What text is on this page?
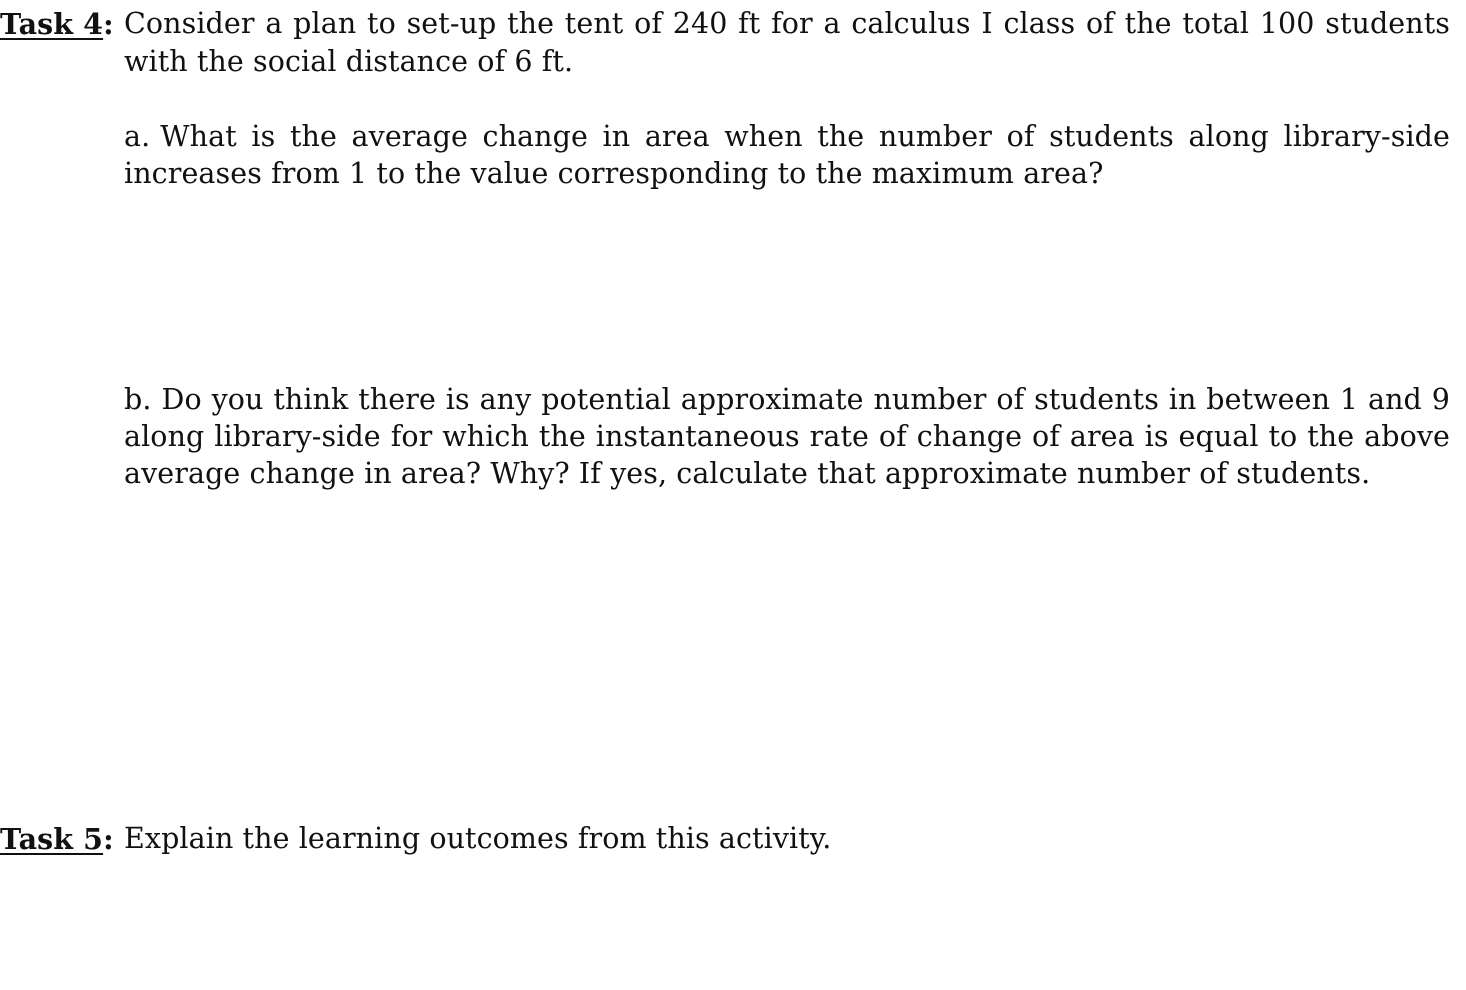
Task 4: Consider a plan to set-up the tent of 240 ft for a calculus I class of the total 100 students with the social distance of 6 ft.
a. What is the average change in area when the number of students along library-side increases from 1 to the value corresponding to the maximum area?
b. Do you think there is any potential approximate number of students in between 1 and 9 along library-side for which the instantaneous rate of change of area is equal to the above average change in area? Why? If yes, calculate that approximate number of students.
Task 5: Explain the learning outcomes from this activity.
